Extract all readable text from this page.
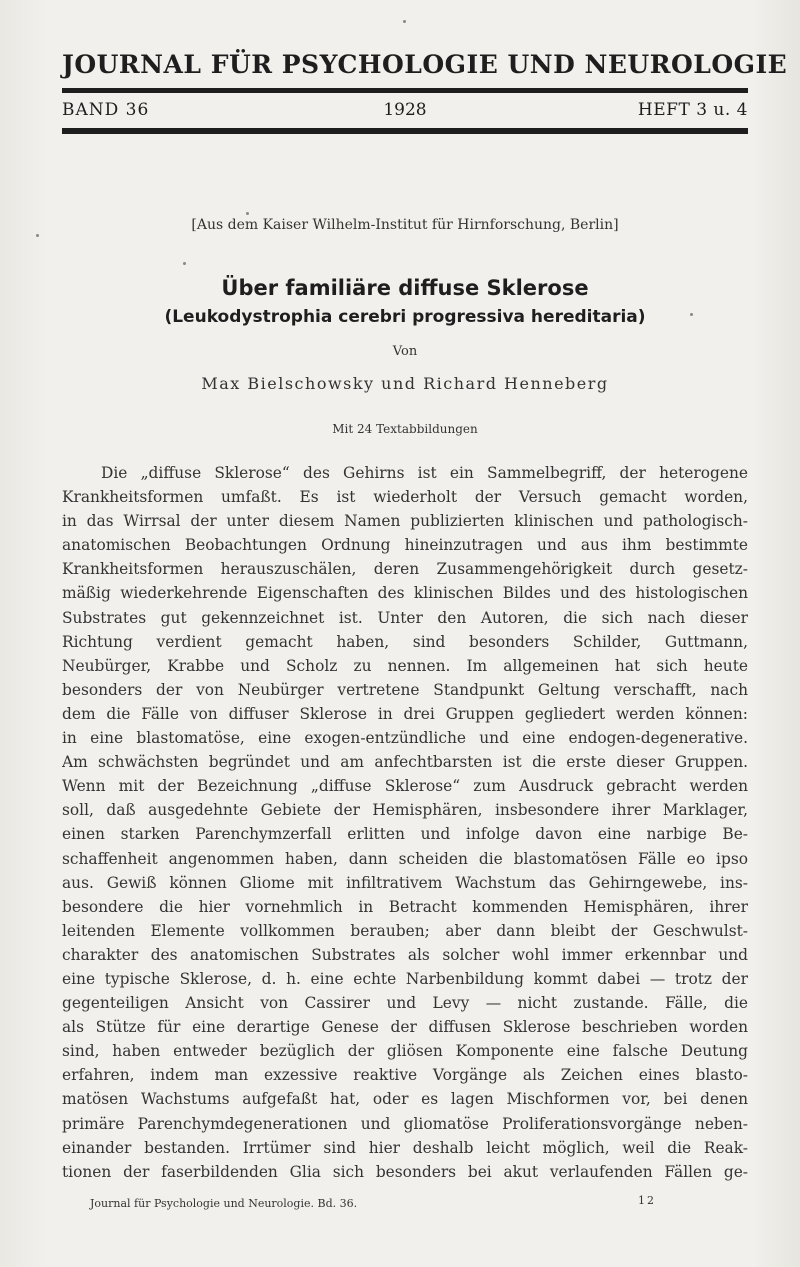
JOURNAL FÜR PSYCHOLOGIE UND NEUROLOGIE
BAND 36	1928	HEFT 3 u. 4
[Aus dem Kaiser Wilhelm-Institut für Hirnforschung, Berlin]
Über familiäre diffuse Sklerose
(Leukodystrophia cerebri progressiva hereditaria)
Von
Max Bielschowsky und Richard Henneberg
Mit 24 Textabbildungen
Die „diffuse Sklerose“ des Gehirns ist ein Sammelbegriff, der heterogene
Krankheitsformen umfaßt. Es ist wiederholt der Versuch gemacht worden,
in das Wirrsal der unter diesem Namen publizierten klinischen und pathologisch-
anatomischen Beobachtungen Ordnung hineinzutragen und aus ihm bestimmte
Krankheitsformen herauszuschälen, deren Zusammengehörigkeit durch gesetz-
mäßig wiederkehrende Eigenschaften des klinischen Bildes und des histologischen
Substrates gut gekennzeichnet ist. Unter den Autoren, die sich nach dieser
Richtung verdient gemacht haben, sind besonders Schilder, Guttmann,
Neubürger, Krabbe und Scholz zu nennen. Im allgemeinen hat sich heute
besonders der von Neubürger vertretene Standpunkt Geltung verschafft, nach
dem die Fälle von diffuser Sklerose in drei Gruppen gegliedert werden können:
in eine blastomatöse, eine exogen-entzündliche und eine endogen-degenerative.
Am schwächsten begründet und am anfechtbarsten ist die erste dieser Gruppen.
Wenn mit der Bezeichnung „diffuse Sklerose“ zum Ausdruck gebracht werden
soll, daß ausgedehnte Gebiete der Hemisphären, insbesondere ihrer Marklager,
einen starken Parenchymzerfall erlitten und infolge davon eine narbige Be-
schaffenheit angenommen haben, dann scheiden die blastomatösen Fälle eo ipso
aus. Gewiß können Gliome mit infiltrativem Wachstum das Gehirngewebe, ins-
besondere die hier vornehmlich in Betracht kommenden Hemisphären, ihrer
leitenden Elemente vollkommen berauben; aber dann bleibt der Geschwulst-
charakter des anatomischen Substrates als solcher wohl immer erkennbar und
eine typische Sklerose, d. h. eine echte Narbenbildung kommt dabei — trotz der
gegenteiligen Ansicht von Cassirer und Levy — nicht zustande. Fälle, die
als Stütze für eine derartige Genese der diffusen Sklerose beschrieben worden
sind, haben entweder bezüglich der gliösen Komponente eine falsche Deutung
erfahren, indem man exzessive reaktive Vorgänge als Zeichen eines blasto-
matösen Wachstums aufgefaßt hat, oder es lagen Mischformen vor, bei denen
primäre Parenchymdegenerationen und gliomatöse Proliferationsvorgänge neben-
einander bestanden. Irrtümer sind hier deshalb leicht möglich, weil die Reak-
tionen der faserbildenden Glia sich besonders bei akut verlaufenden Fällen ge-
Journal für Psychologie und Neurologie. Bd. 36.	12
